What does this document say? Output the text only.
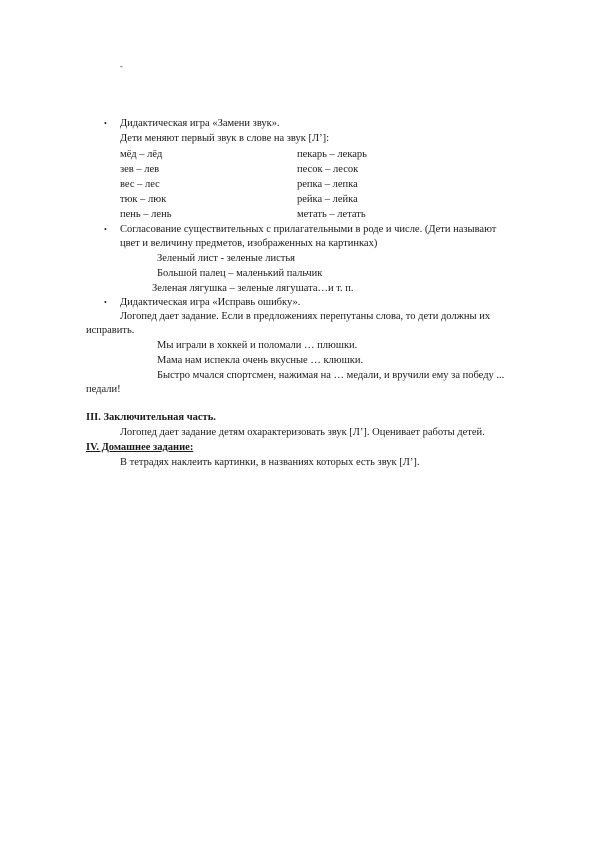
-
• Дидактическая игра «Замени звук».
Дети меняют первый звук в слове на звук [Л’]:
мёд – лёд
зев – лев
вес – лес
тюк – люк
пень – лень
пекарь – лекарь
песок – лесок
репка – лепка
рейка – лейка
метать – летать
• Согласование существительных с прилагательными в роде и числе. (Дети называют
цвет и величину предметов, изображенных на картинках)
Зеленый лист - зеленые листья
Большой палец – маленький пальчик
Зеленая лягушка – зеленые лягушата…и т. п.
• Дидактическая игра «Исправь ошибку».
Логопед дает задание. Если в предложениях перепутаны слова, то дети должны их
исправить.
Мы играли в хоккей и поломали … плюшки.
Мама нам испекла очень вкусные … клюшки.
Быстро мчался спортсмен, нажимая на … медали, и вручили ему за победу ...
педали!
III. Заключительная часть.
Логопед дает задание детям охарактеризовать звук [Л’]. Оценивает работы детей.
IV. Домашнее задание:
В тетрадях наклеить картинки, в названиях которых есть звук [Л’].
